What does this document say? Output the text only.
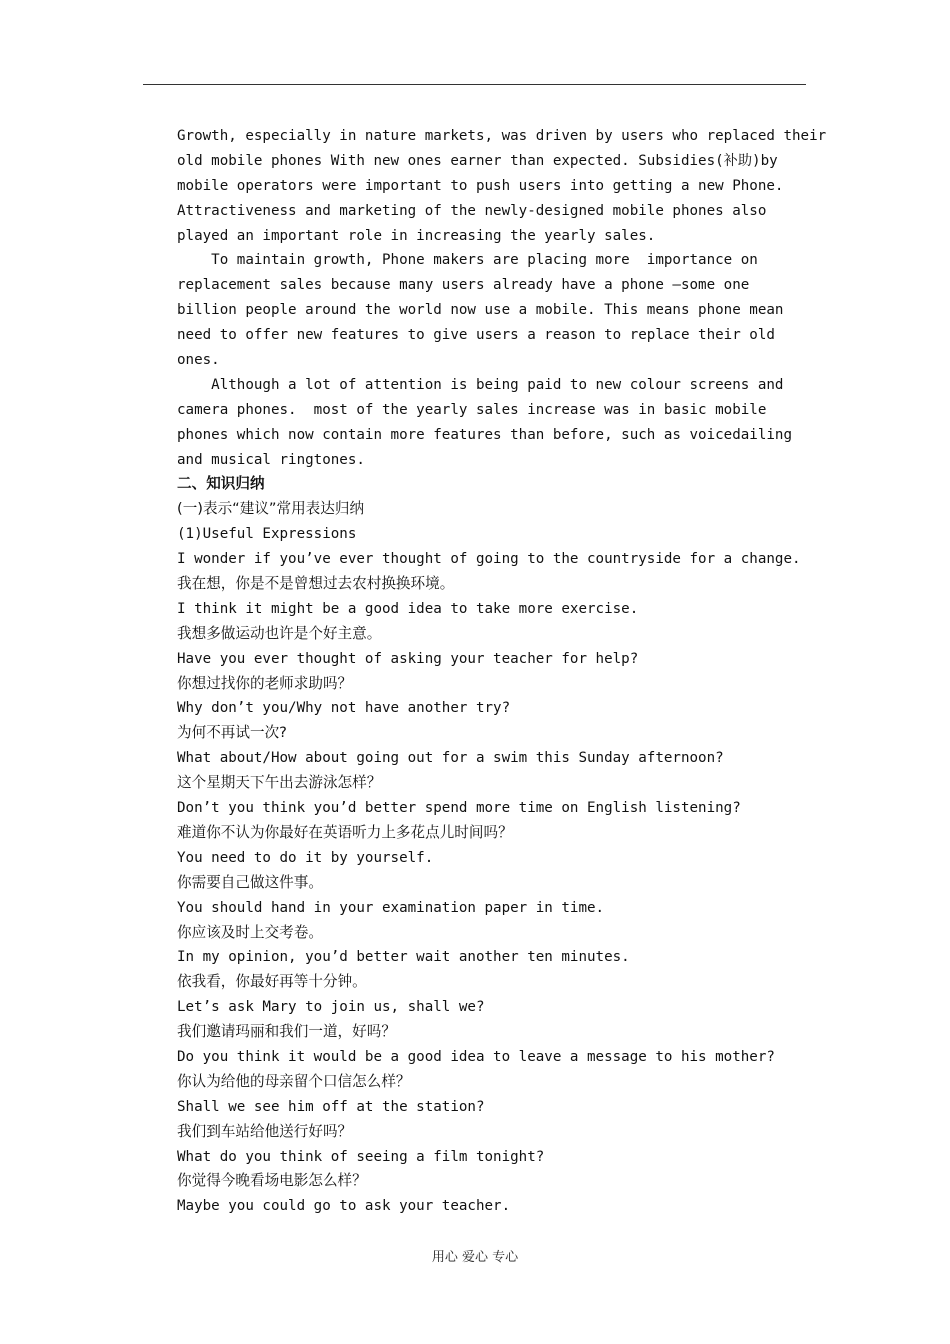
Growth, especially in nature markets, was driven by users who replaced their
old mobile phones With new ones earner than expected. Subsidies(补助)by
mobile operators were important to push users into getting a new Phone.
Attractiveness and marketing of the newly-designed mobile phones also
played an important role in increasing the yearly sales.
To maintain growth, Phone makers are placing more  importance on
replacement sales because many users already have a phone —some one
billion people around the world now use a mobile. This means phone mean
need to offer new features to give users a reason to replace their old
ones.
Although a lot of attention is being paid to new colour screens and
camera phones.  most of the yearly sales increase was in basic mobile
phones which now contain more features than before, such as voicedailing
and musical ringtones.
二、知识归纳
(一)表示“建议”常用表达归纳
(1)Useful Expressions
I wonder if you’ve ever thought of going to the countryside for a change.
我在想，你是不是曾想过去农村换换环境。
I think it might be a good idea to take more exercise.
我想多做运动也许是个好主意。
Have you ever thought of asking your teacher for help?
你想过找你的老师求助吗？
Why don’t you/Why not have another try?
为何不再试一次?
What about/How about going out for a swim this Sunday afternoon?
这个星期天下午出去游泳怎样？
Don’t you think you’d better spend more time on English listening?
难道你不认为你最好在英语听力上多花点儿时间吗？
You need to do it by yourself.
你需要自己做这件事。
You should hand in your examination paper in time.
你应该及时上交考卷。
In my opinion, you’d better wait another ten minutes.
依我看，你最好再等十分钟。
Let’s ask Mary to join us, shall we?
我们邀请玛丽和我们一道，好吗？
Do you think it would be a good idea to leave a message to his mother?
你认为给他的母亲留个口信怎么样？
Shall we see him off at the station?
我们到车站给他送行好吗？
What do you think of seeing a film tonight?
你觉得今晚看场电影怎么样？
Maybe you could go to ask your teacher.
用心 爱心 专心
